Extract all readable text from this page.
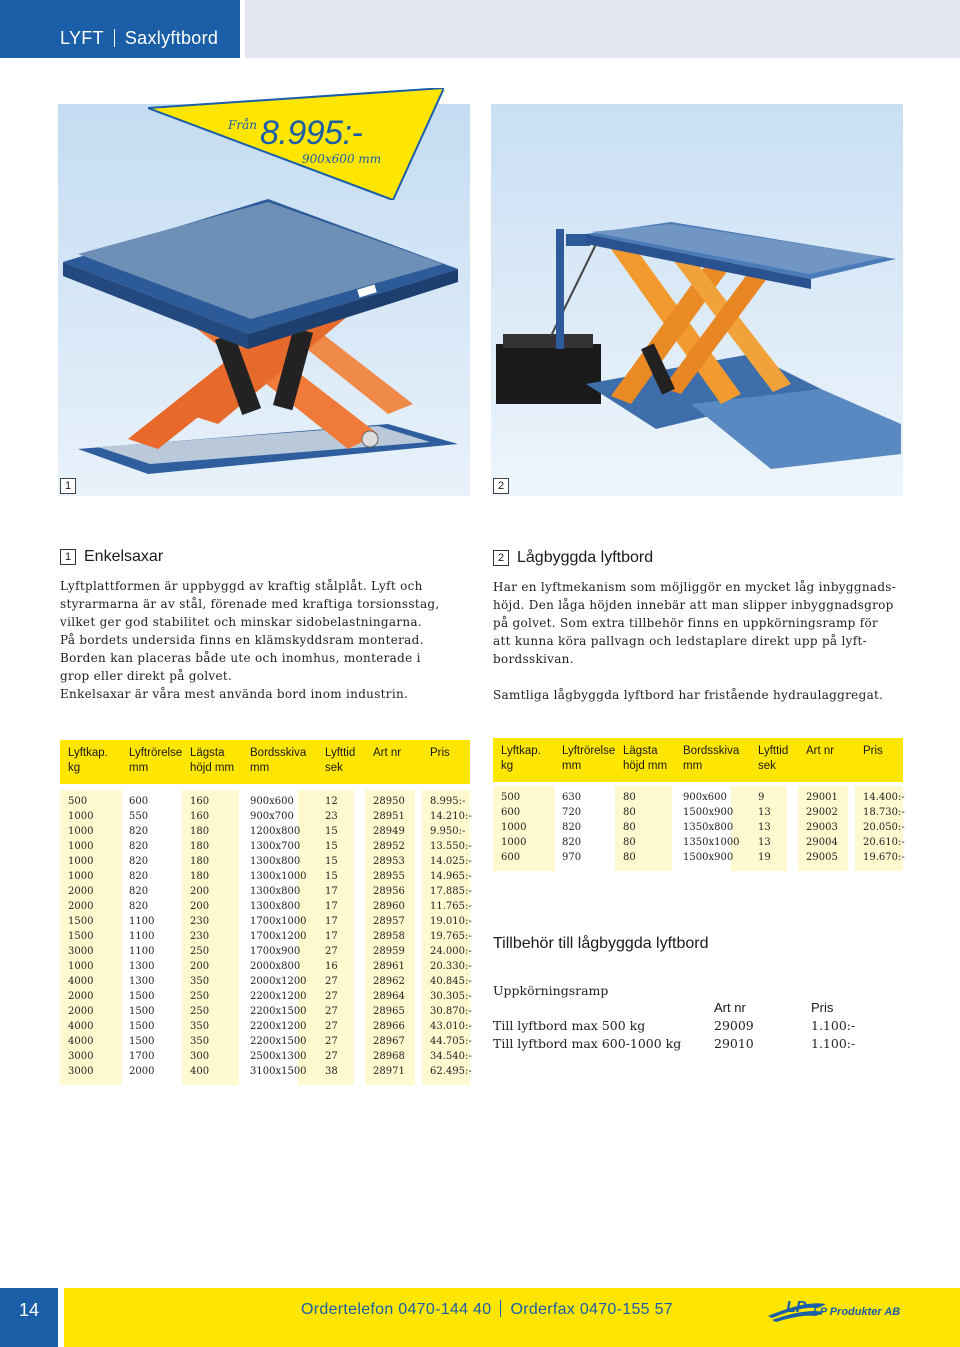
LYFT Saxlyftbord
1
Från 8.995:-
900x600 mm
2
1 Enkelsaxar

Lyftplattformen är uppbyggd av kraftig stålplåt. Lyft och

styrarmarna är av stål, förenade med kraftiga torsionsstag,

vilket ger god stabilitet och minskar sidobelastningarna.

På bordets undersida finns en klämskyddsram monterad.

Borden kan placeras både ute och inomhus, monterade i

grop eller direkt på golvet.

Enkelsaxar är våra mest använda bord inom industrin.

2 Lågbyggda lyftbord

Har en lyftmekanism som möjliggör en mycket låg inbyggnads-

höjd. Den låga höjden innebär att man slipper inbyggnadsgrop

på golvet. Som extra tillbehör finns en uppkörningsramp för

att kunna köra pallvagn och ledstaplare direkt upp på lyft-

bordsskivan.

Samtliga lågbyggda lyftbord har fristående hydraulaggregat.

Lyftkap.
kg
Lyftrörelse
mm
Lägsta
höjd mm
Bordsskiva
mm
Lyfttid
sek
Art nr	Pris
500	600	160	900x600	12	28950	8.995:-
1000	550	160	900x700	23	28951	14.210:-
1000	820	180	1200x800 15	28949	9.950:-
1000	820	180	1300x700 15	28952	13.550:-
1000	820	180	1300x800 15	28953	14.025:-
1000	820	180	1300x1000 15	28955	14.965:-
2000	820	200	1300x800 17	28956	17.885:-
2000	820	200	1300x800 17	28960	11.765:-
1500	1100	230	1700x1000 17	28957	19.010:-
1500	1100	230	1700x1200 17	28958	19.765:-
3000	1100	250	1700x900 27	28959	24.000:-
1000	1300	200	2000x800 16	28961	20.330:-
4000	1300	350	2000x1200 27	28962	40.845:-
2000	1500	250	2200x1200 27	28964	30.305:-
2000	1500	250	2200x1500 27	28965	30.870:-
4000	1500	350	2200x1200 27	28966	43.010:-
4000	1500	350	2200x1500 27	28967	44.705:-
3000	1700	300	2500x1300 27	28968	34.540:-
3000	2000	400	3100x1500 38	28971	62.495:-
Lyftkap.
kg
Lyftrörelse
mm
Lägsta
höjd mm
Bordsskiva
mm
Lyfttid
sek
Art nr	Pris
500	630	80	900x600	9	29001	14.400:-
600	720	80	1500x900 13	29002	18.730:-
1000	820	80	1350x800 13	29003	20.050:-
1000	820	80	1350x1000 13	29004	20.610:-
600	970	80	1500x900 19	29005	19.670:-
Tillbehör till lågbyggda lyftbord
Uppkörningsramp
Art nr	Pris
Till lyftbord max 500 kg	29009	1.100:-
Till lyftbord max 600-1000 kg	29010	1.100:-
14	Ordertelefon 0470-144 40 Orderfax 0470-155 57	LP LP Produkter AB
